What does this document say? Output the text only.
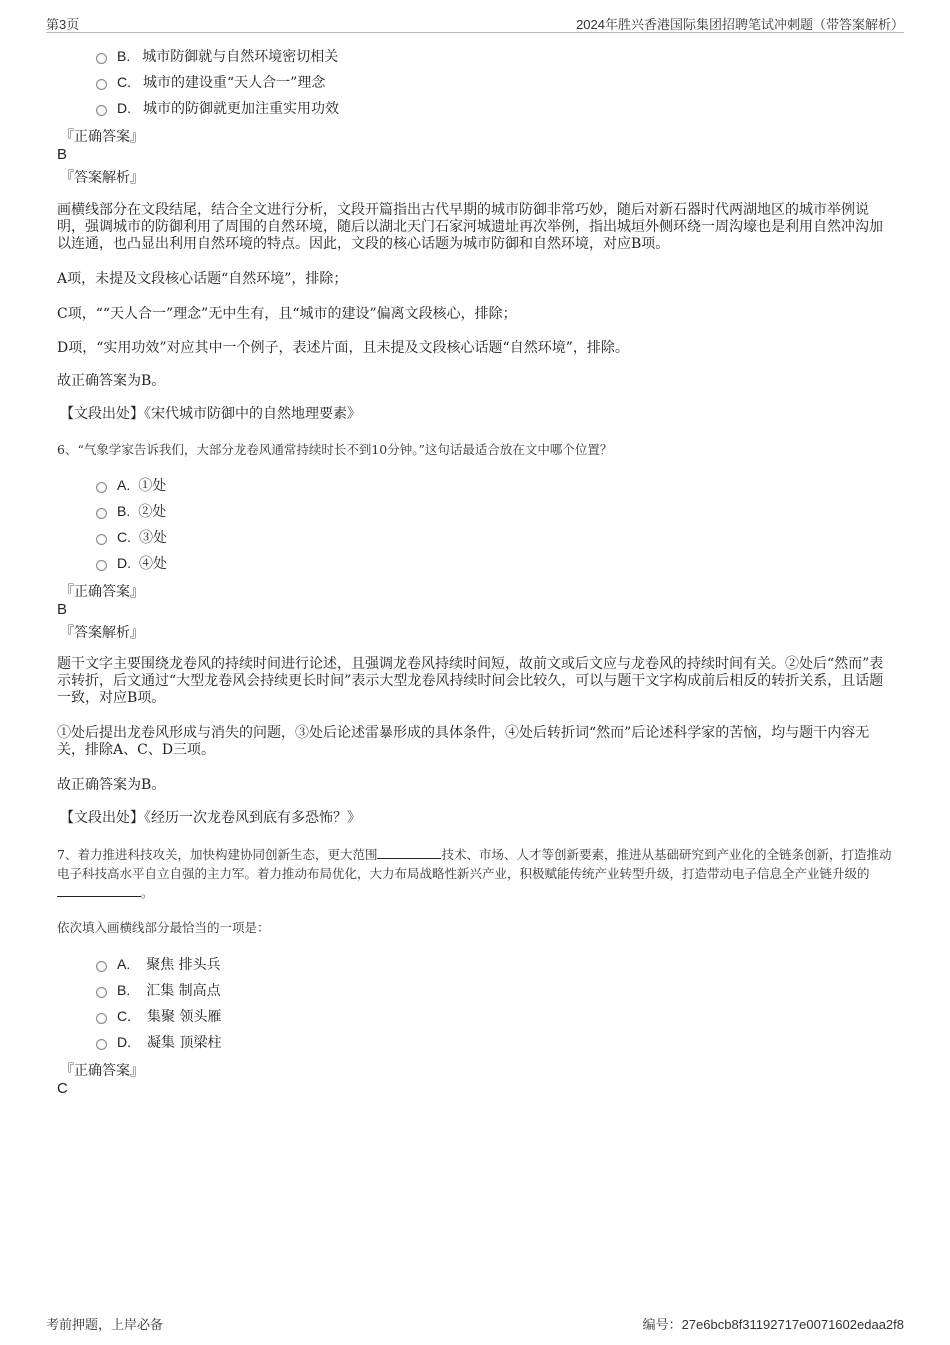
第3页	2024年胜兴香港国际集团招聘笔试冲刺题（带答案解析）
B. 城市防御就与自然环境密切相关
C. 城市的建设重“天人合一”理念
D. 城市的防御就更加注重实用功效
『正确答案』
B
『答案解析』
画横线部分在文段结尾，结合全文进行分析，文段开篇指出古代早期的城市防御非常巧妙，随后对新石器时代两湖地区的城市举例说明，强调城市的防御利用了周围的自然环境，随后以湖北天门石家河城遗址再次举例，指出城垣外侧环绕一周沟壕也是利用自然冲沟加以连通，也凸显出利用自然环境的特点。因此，文段的核心话题为城市防御和自然环境，对应B项。
A项，未提及文段核心话题“自然环境”，排除；
C项，““天人合一”理念”无中生有，且“城市的建设”偏离文段核心，排除；
D项，“实用功效”对应其中一个例子，表述片面，且未提及文段核心话题“自然环境”，排除。
故正确答案为B。
【文段出处】《宋代城市防御中的自然地理要素》
6、“气象学家告诉我们，大部分龙卷风通常持续时长不到10分钟。”这句话最适合放在文中哪个位置？
A. ①处
B. ②处
C. ③处
D. ④处
『正确答案』
B
『答案解析』
题干文字主要围绕龙卷风的持续时间进行论述，且强调龙卷风持续时间短，故前文或后文应与龙卷风的持续时间有关。②处后“然而”表示转折，后文通过“大型龙卷风会持续更长时间”表示大型龙卷风持续时间会比较久，可以与题干文字构成前后相反的转折关系，且话题一致，对应B项。
①处后提出龙卷风形成与消失的问题，③处后论述雷暴形成的具体条件，④处后转折词“然而”后论述科学家的苦恼，均与题干内容无关，排除A、C、D三项。
故正确答案为B。
【文段出处】《经历一次龙卷风到底有多恐怖？》
7、着力推进科技攻关，加快构建协同创新生态，更大范围	技术、市场、人才等创新要素，推进从基础研究到产业化的全链条创新，打造推动电子科技高水平自立自强的主力军。着力推动布局优化，大力布局战略性新兴产业，积极赋能传统产业转型升级，打造带动电子信息全产业链升级的。
依次填入画横线部分最恰当的一项是：
A. 聚焦 排头兵
B. 汇集 制高点
C. 集聚 领头雁
D. 凝集 顶梁柱
『正确答案』
C
考前押题，上岸必备	编号：27e6bcb8f31192717e0071602edaa2f8
